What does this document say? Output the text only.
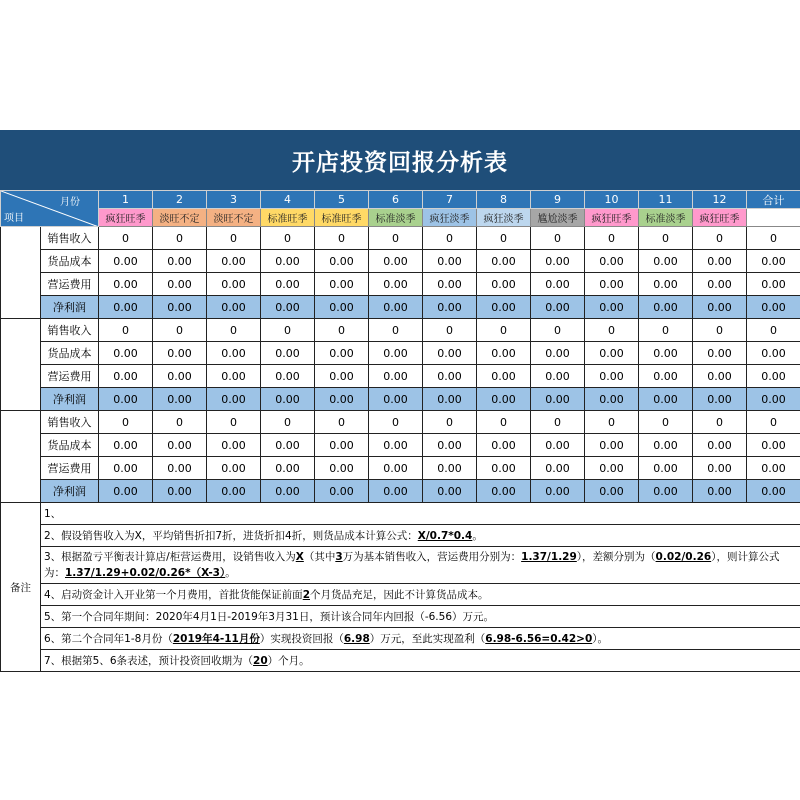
开店投资回报分析表
月份
项目		1	2	3	4	5	6	7	8	9	10	11	12	合计
		疯狂旺季	淡旺不定	淡旺不定	标准旺季	标准旺季	标准淡季	疯狂淡季	疯狂淡季	尴尬淡季	疯狂旺季	标准淡季	疯狂旺季	
	销售收入	0	0	0	0	0	0	0	0	0	0	0	0	0
	货品成本	0.00	0.00	0.00	0.00	0.00	0.00	0.00	0.00	0.00	0.00	0.00	0.00	0.00
	营运费用	0.00	0.00	0.00	0.00	0.00	0.00	0.00	0.00	0.00	0.00	0.00	0.00	0.00
	净利润	0.00	0.00	0.00	0.00	0.00	0.00	0.00	0.00	0.00	0.00	0.00	0.00	0.00
	销售收入	0	0	0	0	0	0	0	0	0	0	0	0	0
	货品成本	0.00	0.00	0.00	0.00	0.00	0.00	0.00	0.00	0.00	0.00	0.00	0.00	0.00
	营运费用	0.00	0.00	0.00	0.00	0.00	0.00	0.00	0.00	0.00	0.00	0.00	0.00	0.00
	净利润	0.00	0.00	0.00	0.00	0.00	0.00	0.00	0.00	0.00	0.00	0.00	0.00	0.00
	销售收入	0	0	0	0	0	0	0	0	0	0	0	0	0
	货品成本	0.00	0.00	0.00	0.00	0.00	0.00	0.00	0.00	0.00	0.00	0.00	0.00	0.00
	营运费用	0.00	0.00	0.00	0.00	0.00	0.00	0.00	0.00	0.00	0.00	0.00	0.00	0.00
	净利润	0.00	0.00	0.00	0.00	0.00	0.00	0.00	0.00	0.00	0.00	0.00	0.00	0.00
备注	1、													
	2、假设销售收入为X，平均销售折扣7折，进货折扣4折，则货品成本计算公式：X/0.7*0.4。													
	3、根据盈亏平衡表计算店/柜营运费用，设销售收入为X（其中3万为基本销售收入，营运费用分别为：1.37/1.29），差额分别为（0.02/0.26），则计算公式为：1.37/1.29+0.02/0.26*（X-3）。													
	4、启动资金计入开业第一个月费用，首批货能保证前面2个月货品充足，因此不计算货品成本。													
	5、第一个合同年期间：2020年4月1日-2019年3月31日，预计该合同年内回报（-6.56）万元。													
	6、第二个合同年1-8月份（2019年4-11月份）实现投资回报（6.98）万元，至此实现盈利（6.98-6.56=0.42>0）。													
	7、根据第5、6条表述，预计投资回收期为（20）个月。													
